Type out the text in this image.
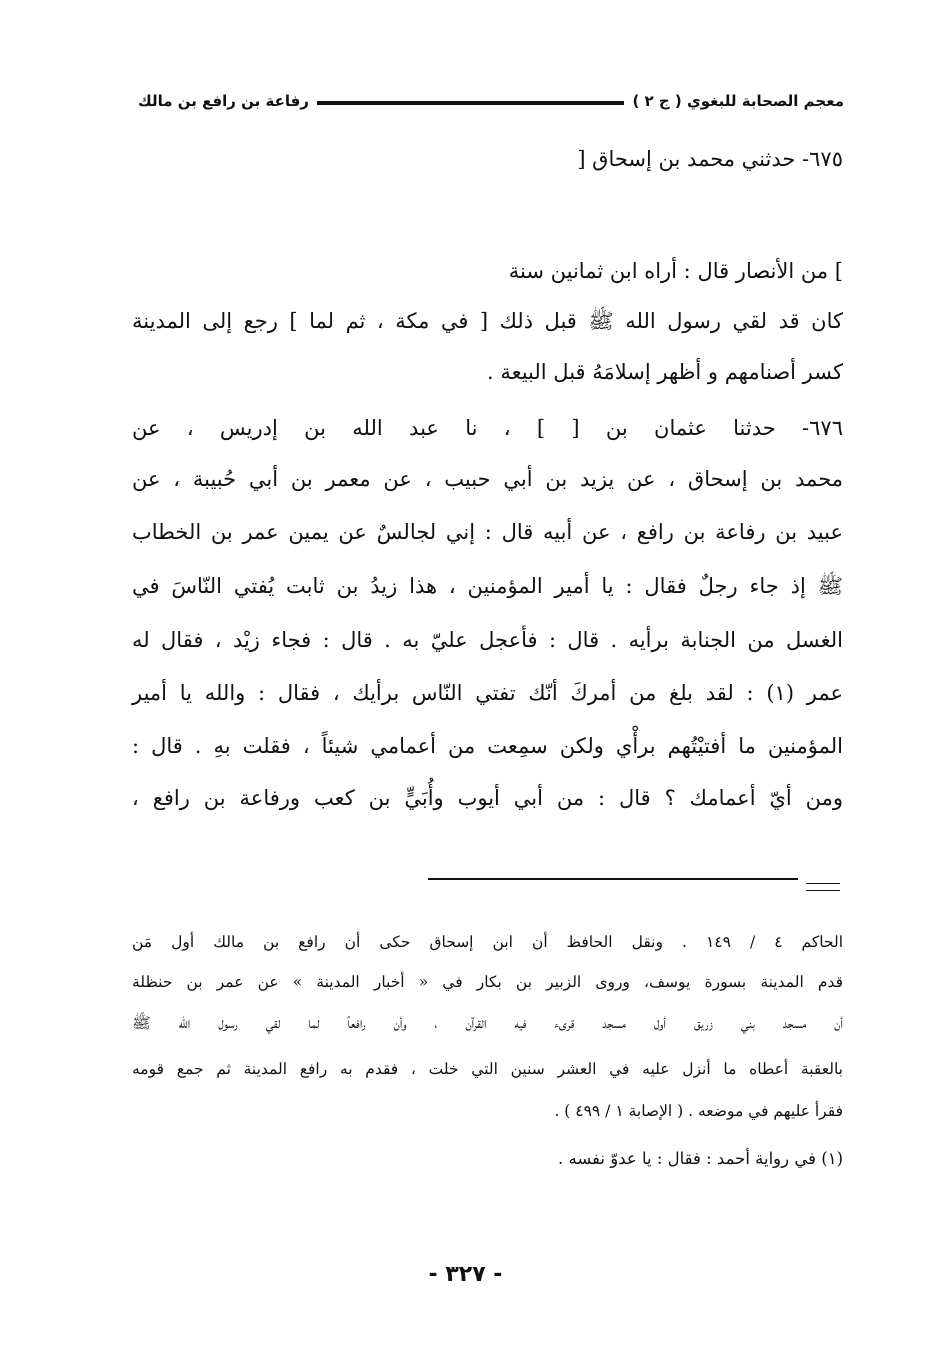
معجم الصحابة للبغوي ( ج ٢ )
رفاعة بن رافع بن مالك
٦٧٥- حدثني محمد بن إسحاق [
] من الأنصار قال : أراه ابن ثمانين سنة
كان قد لقي رسول الله ﷺ قبل ذلك [ في مكة ، ثم لما ] رجع إلى المدينة
كسر أصنامهم و أظهر إسلامَهُ قبل البيعة .
٦٧٦- حدثنا عثمان بن [ ] ، نا عبد الله بن إدريس ، عن
محمد بن إسحاق ، عن يزيد بن أبي حبيب ، عن معمر بن أبي حُبيبة ، عن
عبيد بن رفاعة بن رافع ، عن أبيه قال : إني لجالسٌ عن يمين عمر بن الخطاب
ﷺ إذ جاء رجلٌ فقال : يا أمير المؤمنين ، هذا زيدُ بن ثابت يُفتي النّاسَ في
الغسل من الجنابة برأيه . قال : فأعجل عليّ به . قال : فجاء زيْد ، فقال له
عمر (١) : لقد بلغ من أمركَ أنّك تفتي النّاس برأيك ، فقال : والله يا أمير
المؤمنين ما أفتيْتُهم برأْي ولكن سمِعت من أعمامي شيئاً ، فقلت بهِ . قال :
ومن أيّ أعمامك ؟ قال : من أبي أيوب وأُبَيٍّ بن كعب ورفاعة بن رافع ،
الحاكم ٤ / ١٤٩ . ونقل الحافظ أن ابن إسحاق حكى أن رافع بن مالك أول مَن
قدم المدينة بسورة يوسف، وروى الزبير بن بكار في « أخبار المدينة » عن عمر بن حنظلة
أن مسجد بني زريق أول مسجد قرىء فيه القرآن ، وأن رافعاً لما لقي رسول الله ﷺ
بالعقبة أعطاه ما أنزل عليه في العشر سنين التي خلت ، فقدم به رافع المدينة ثم جمع قومه
فقرأ عليهم في موضعه . ( الإصابة ١ / ٤٩٩ ) .
(١) في رواية أحمد : فقال : يا عدوّ نفسه .
- ٣٢٧ -
